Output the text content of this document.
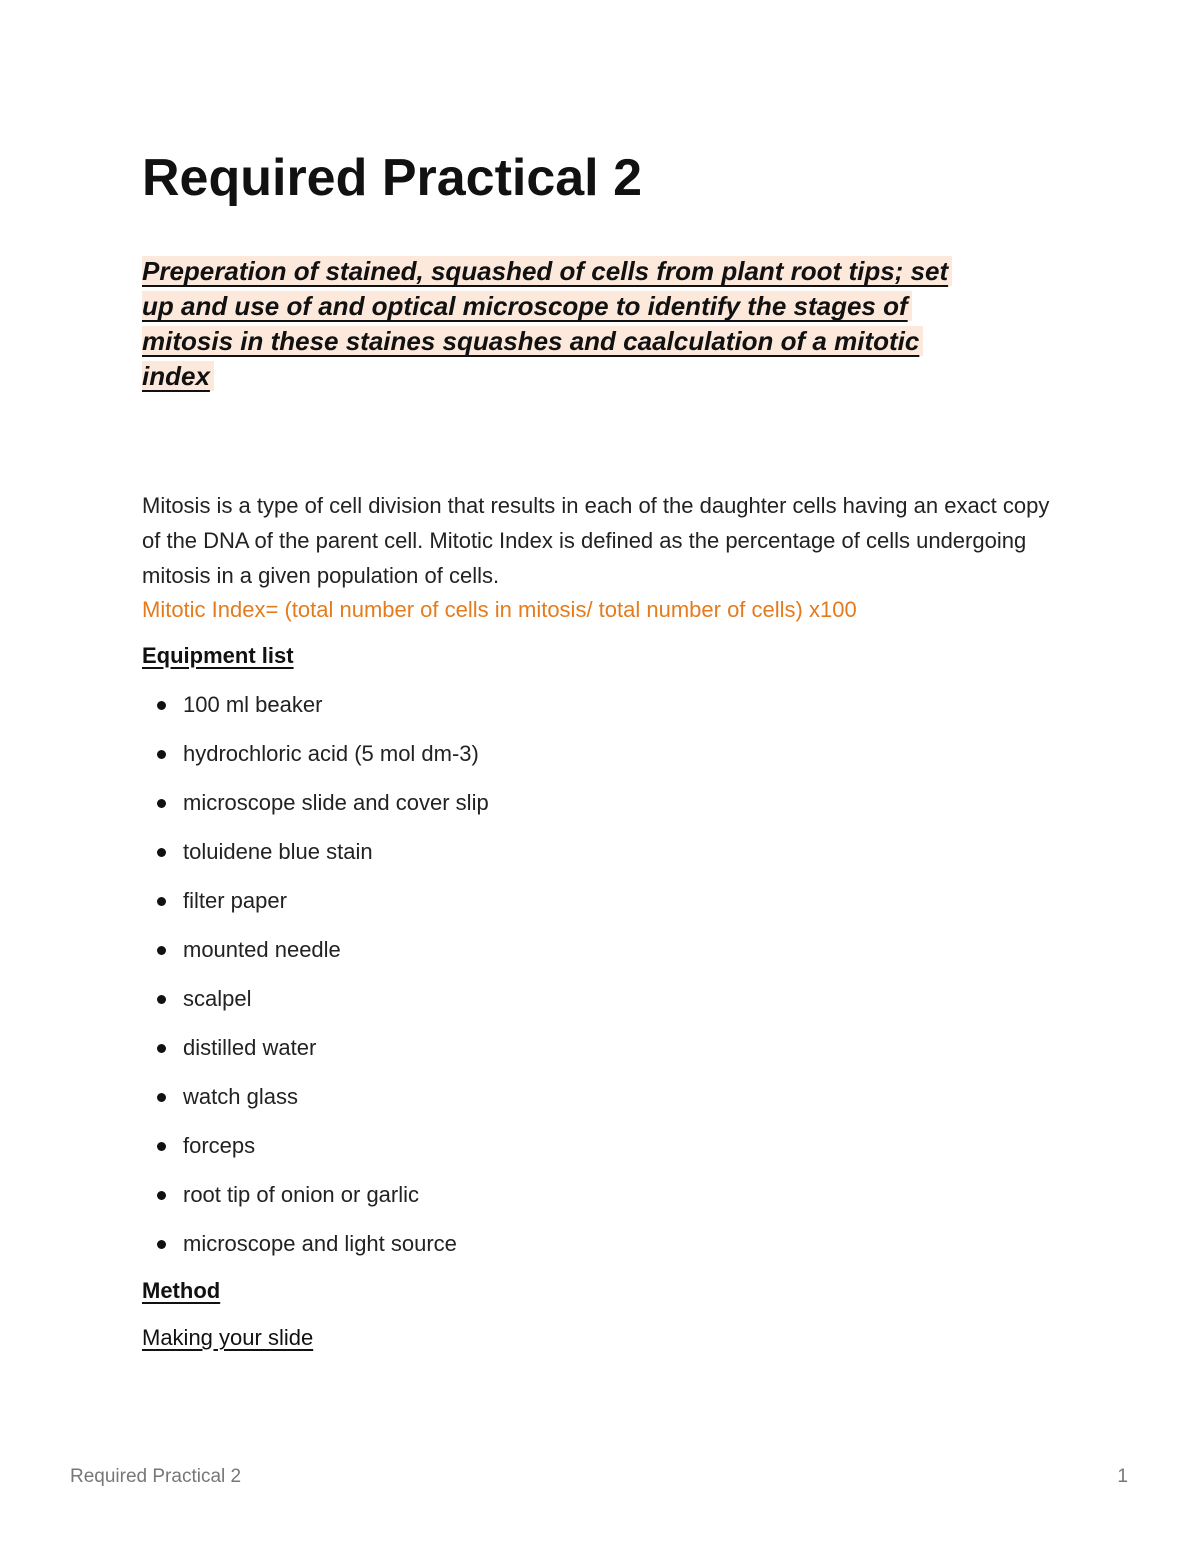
Required Practical 2

Preperation of stained, squashed of cells from plant root tips; set
up and use of and optical microscope to identify the stages of
mitosis in these staines squashes and caalculation of a mitotic
index

Mitosis is a type of cell division that results in each of the daughter cells having an exact copy of the DNA of the parent cell. Mitotic Index is defined as the percentage of cells undergoing mitosis in a given population of cells.

Mitotic Index= (total number of cells in mitosis/ total number of cells) x100

Equipment list

100 ml beaker
hydrochloric acid (5 mol dm-3)
microscope slide and cover slip
toluidene blue stain
filter paper
mounted needle
scalpel
distilled water
watch glass
forceps
root tip of onion or garlic
microscope and light source

Method

Making your slide

Required Practical 2	1
